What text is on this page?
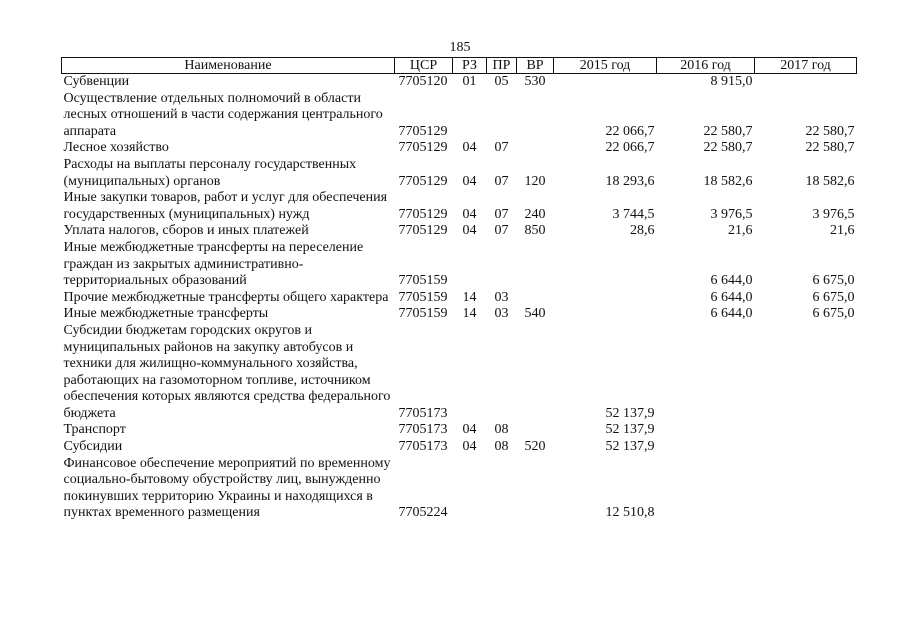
185
Наименование	ЦСР	РЗ	ПР	ВР	2015 год	2016 год	2017 год
Субвенции	7705120	01	05	530		8 915,0	
Осуществление отдельных полномочий в области лесных отношений в части содержания центрального аппарата	7705129				22 066,7	22 580,7	22 580,7
Лесное хозяйство	7705129	04	07		22 066,7	22 580,7	22 580,7
Расходы на выплаты персоналу государственных (муниципальных) органов	7705129	04	07	120	18 293,6	18 582,6	18 582,6
Иные закупки товаров, работ и услуг для обеспечения государственных (муниципальных) нужд	7705129	04	07	240	3 744,5	3 976,5	3 976,5
Уплата налогов, сборов и иных платежей	7705129	04	07	850	28,6	21,6	21,6
Иные межбюджетные трансферты на переселение граждан из закрытых административно-территориальных образований	7705159					6 644,0	6 675,0
Прочие межбюджетные трансферты общего характера	7705159	14	03			6 644,0	6 675,0
Иные межбюджетные трансферты	7705159	14	03	540		6 644,0	6 675,0
Субсидии бюджетам городских округов и муниципальных районов на закупку автобусов и техники для жилищно-коммунального хозяйства, работающих на газомоторном топливе, источником обеспечения которых являются средства федерального бюджета	7705173				52 137,9		
Транспорт	7705173	04	08		52 137,9		
Субсидии	7705173	04	08	520	52 137,9		
Финансовое обеспечение мероприятий по временному социально-бытовому обустройству лиц, вынужденно покинувших территорию Украины и находящихся в пунктах временного размещения	7705224				12 510,8		
